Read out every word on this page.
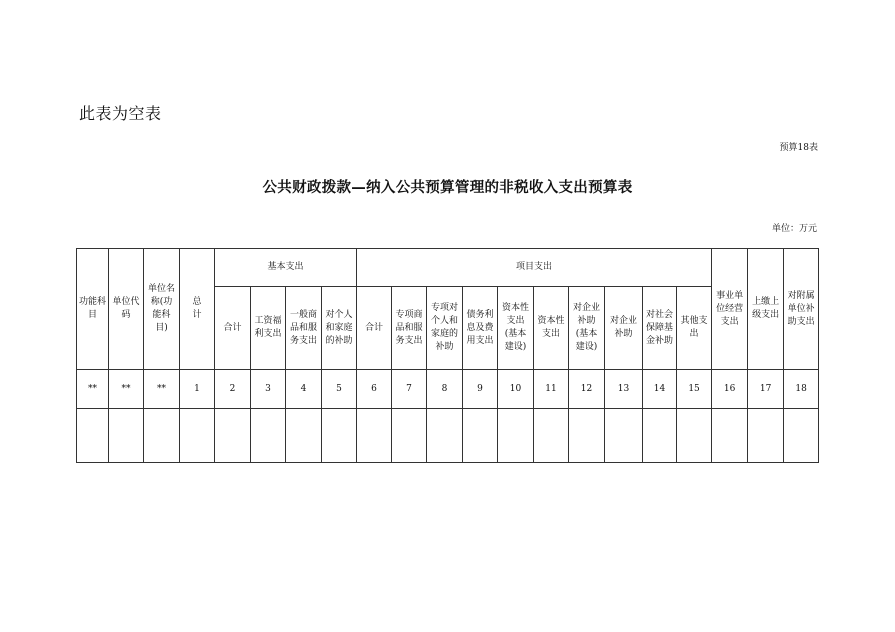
此表为空表
预算18表
公共财政拨款—纳入公共预算管理的非税收入支出预算表
单位：万元
功能科目	单位代码	单位名称(功能科目)	总计	基本支出				项目支出										事业单位经营支出	上缴上级支出	对附属单位补助支出

				合计	工资福利支出	一般商品和服务支出	对个人和家庭的补助	合计	专项商品和服务支出	专项对个人和家庭的补助	债务利息及费用支出	资本性支出(基本建设)	资本性支出	对企业补助(基本建设)	对企业补助	对社会保障基金补助	其他支出			

**	**	**	1	2	3	4	5	6	7	8	9	10	11	12	13	14	15	16	17	18
